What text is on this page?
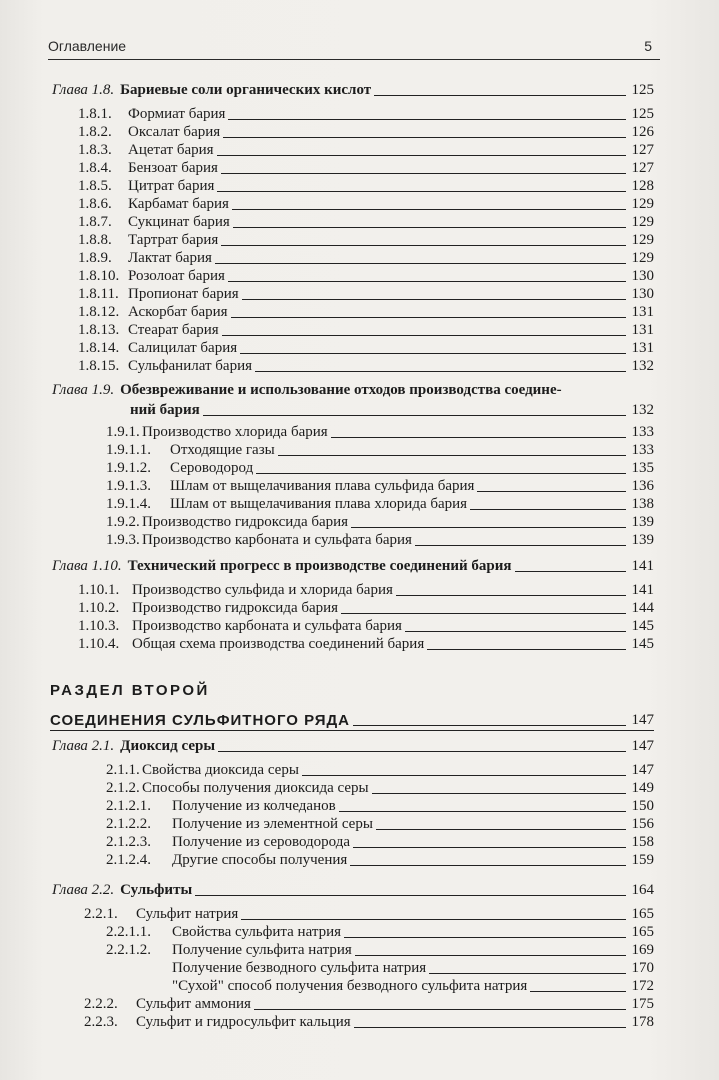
Оглавление	5
Глава 1.8. Бариевые соли органических кислот	125
1.8.1.	Формиат бария	125
1.8.2.	Оксалат бария	126
1.8.3.	Ацетат бария	127
1.8.4.	Бензоат бария	127
1.8.5.	Цитрат бария	128
1.8.6.	Карбамат бария	129
1.8.7.	Сукцинат бария	129
1.8.8.	Тартрат бария	129
1.8.9.	Лактат бария	129
1.8.10. Розолоат бария	130
1.8.11. Пропионат бария	130
1.8.12. Аскорбат бария	131
1.8.13. Стеарат бария	131
1.8.14. Салицилат бария	131
1.8.15. Сульфанилат бария	132
Глава 1.9. Обезвреживание и использование отходов производства соедине-
ний бария	132
1.9.1. Производство хлорида бария	133
1.9.1.1.	Отходящие газы	133
1.9.1.2.	Сероводород	135
1.9.1.3.	Шлам от выщелачивания плава сульфида бария	136
1.9.1.4.	Шлам от выщелачивания плава хлорида бария	138
1.9.2. Производство гидроксида бария	139
1.9.3. Производство карбоната и сульфата бария	139
Глава 1.10. Технический прогресс в производстве соединений бария	141
1.10.1. Производство сульфида и хлорида бария	141
1.10.2. Производство гидроксида бария	144
1.10.3. Производство карбоната и сульфата бария	145
1.10.4. Общая схема производства соединений бария	145
РАЗДЕЛ ВТОРОЙ
СОЕДИНЕНИЯ СУЛЬФИТНОГО РЯДА	147
Глава 2.1. Диоксид серы	147
2.1.1. Свойства диоксида серы	147
2.1.2. Способы получения диоксида серы	149
2.1.2.1.	Получение из колчеданов	150
2.1.2.2.	Получение из элементной серы	156
2.1.2.3.	Получение из сероводорода	158
2.1.2.4.	Другие способы получения	159
Глава 2.2. Сульфиты	164
2.2.1.	Сульфит натрия	165
2.2.1.1.	Свойства сульфита натрия	165
2.2.1.2.	Получение сульфита натрия	169
Получение безводного сульфита натрия	170
"Сухой" способ получения безводного сульфита натрия	172
2.2.2.	Сульфит аммония	175
2.2.3.	Сульфит и гидросульфит кальция	178
